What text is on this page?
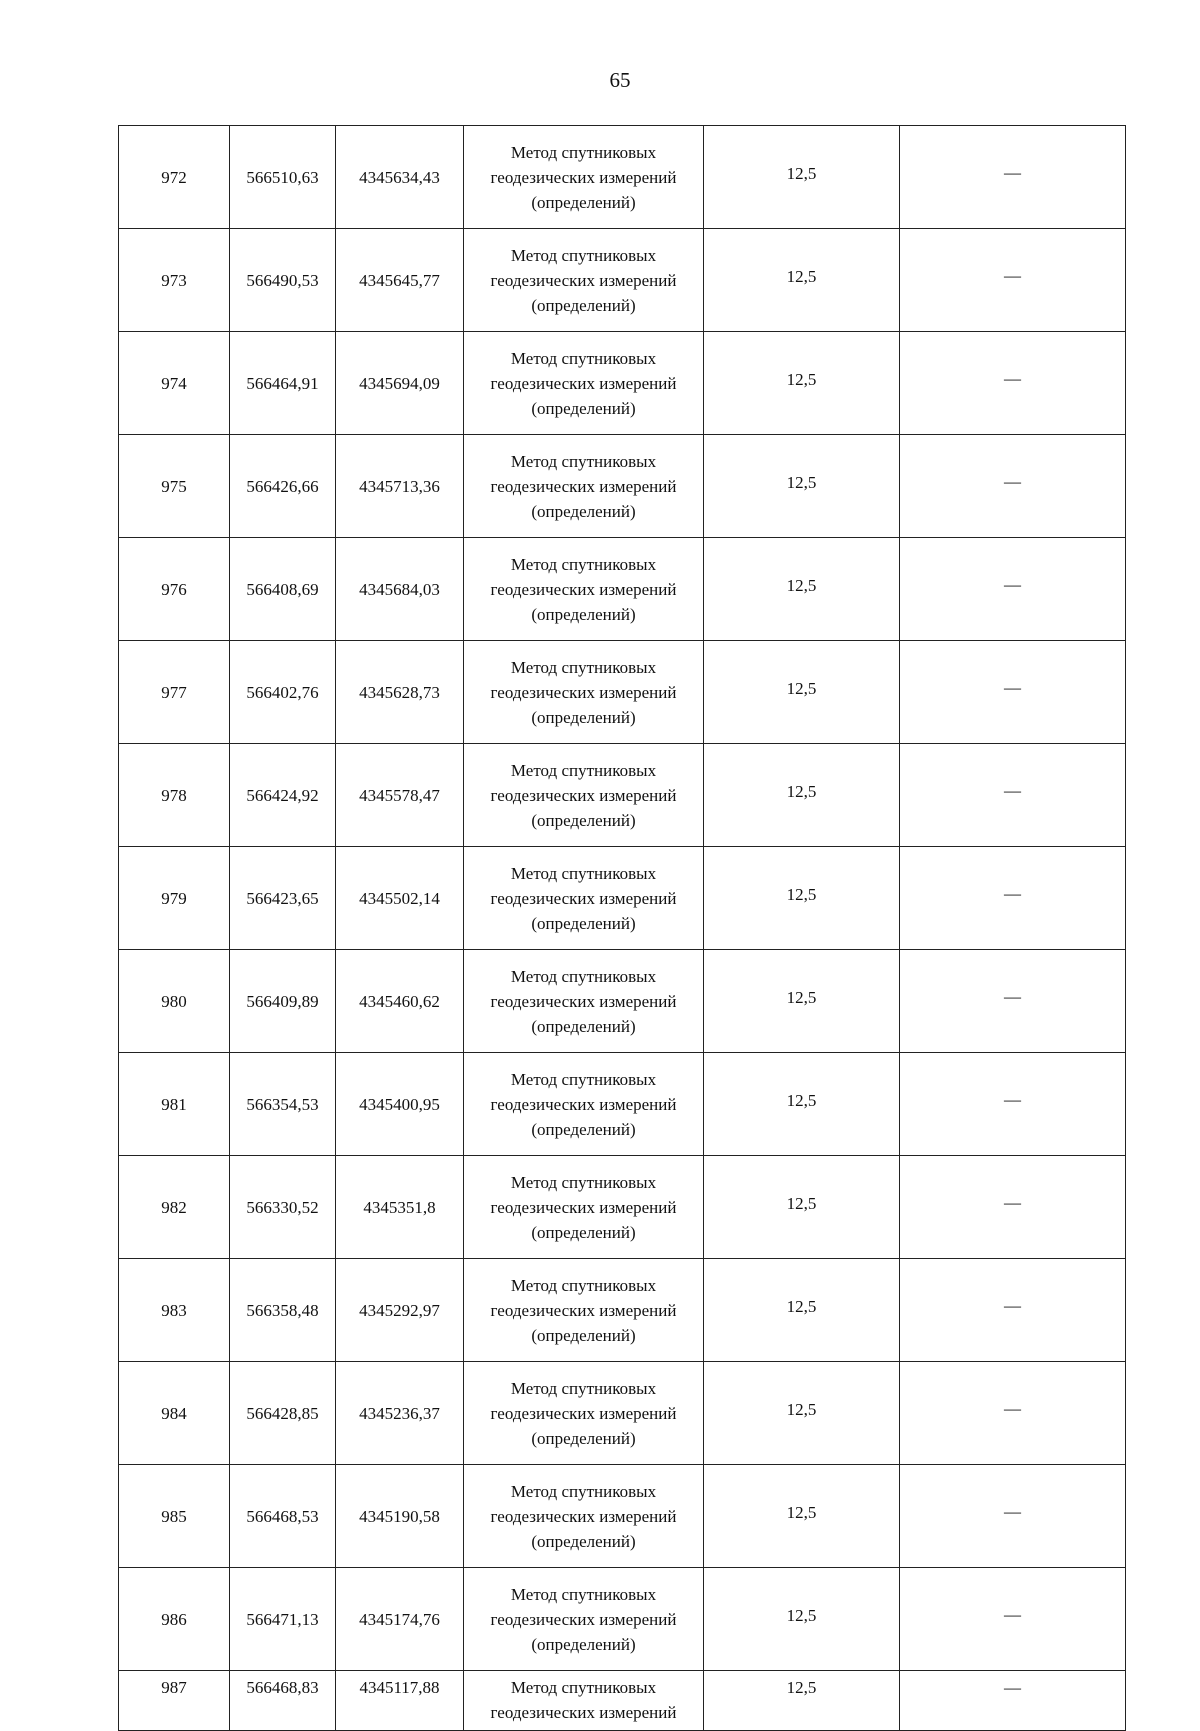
65
972	566510,63	4345634,43	Метод спутниковых
геодезических измерений
(определений)	12,5	—
973	566490,53	4345645,77	Метод спутниковых
геодезических измерений
(определений)	12,5	—
974	566464,91	4345694,09	Метод спутниковых
геодезических измерений
(определений)	12,5	—
975	566426,66	4345713,36	Метод спутниковых
геодезических измерений
(определений)	12,5	—
976	566408,69	4345684,03	Метод спутниковых
геодезических измерений
(определений)	12,5	—
977	566402,76	4345628,73	Метод спутниковых
геодезических измерений
(определений)	12,5	—
978	566424,92	4345578,47	Метод спутниковых
геодезических измерений
(определений)	12,5	—
979	566423,65	4345502,14	Метод спутниковых
геодезических измерений
(определений)	12,5	—
980	566409,89	4345460,62	Метод спутниковых
геодезических измерений
(определений)	12,5	—
981	566354,53	4345400,95	Метод спутниковых
геодезических измерений
(определений)	12,5	—
982	566330,52	4345351,8	Метод спутниковых
геодезических измерений
(определений)	12,5	—
983	566358,48	4345292,97	Метод спутниковых
геодезических измерений
(определений)	12,5	—
984	566428,85	4345236,37	Метод спутниковых
геодезических измерений
(определений)	12,5	—
985	566468,53	4345190,58	Метод спутниковых
геодезических измерений
(определений)	12,5	—
986	566471,13	4345174,76	Метод спутниковых
геодезических измерений
(определений)	12,5	—
987	566468,83	4345117,88	Метод спутниковых
геодезических измерений	12,5	—
